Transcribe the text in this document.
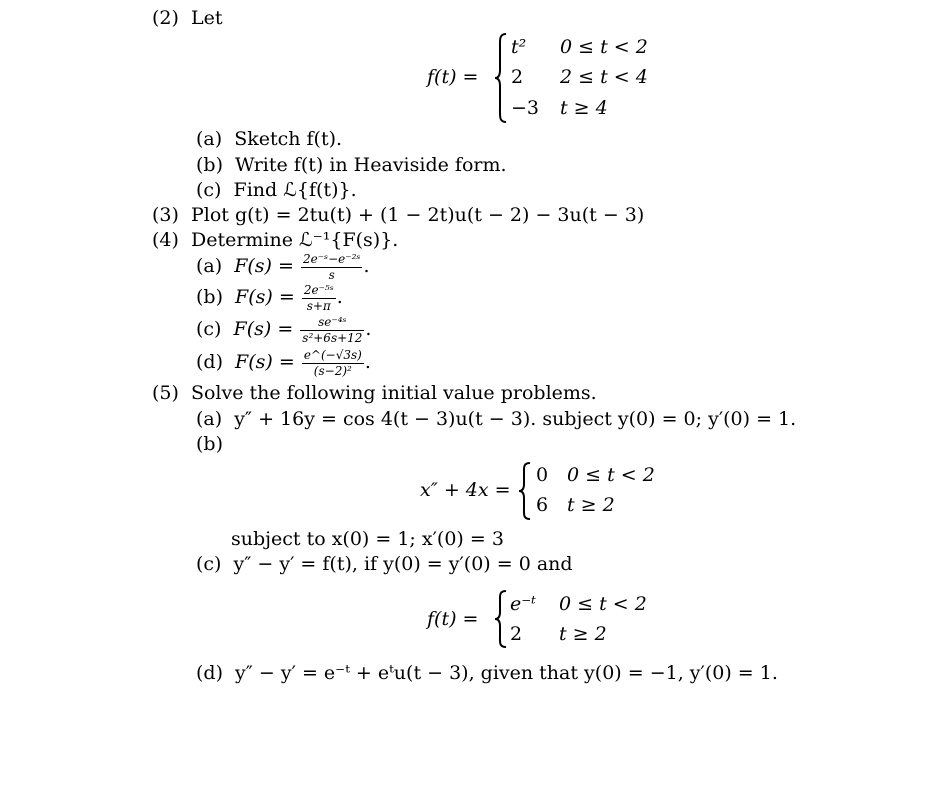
(2) Let
f(t) =
t² 0 ≤ t < 2
2 2 ≤ t < 4
−3 t ≥ 4
(a) Sketch f(t).
(b) Write f(t) in Heaviside form.
(c) Find ℒ{f(t)}.
(3) Plot g(t) = 2tu(t) + (1 − 2t)u(t − 2) − 3u(t − 3)
(4) Determine ℒ⁻¹{F(s)}.
(a) $F(s) = \frac{\text{2e⁻ˢ−e⁻²ˢ}}{s}$ .
(b) $F(s) = \frac{\text{2e⁻⁵ˢ}}{s+\pi}$ .
(c) $F(s) = \frac{\text{se⁻⁴ˢ}}{\text{s²+6s+12}}$ .
(d) $F(s) = \frac{e\^{}(-√3s)}{\text{(s−2)²}}$ .
(5) Solve the following initial value problems.
(a) y″ + 16y = cos 4(t − 3)u(t − 3). subject y(0) = 0; y′(0) = 1.
(b)
x″ + 4x =
0 0 ≤ t < 2
6 t ≥ 2
subject to x(0) = 1; x′(0) = 3
(c) y″ − y′ = f(t), if y(0) = y′(0) = 0 and
f(t) =
e⁻ᵗ 0 ≤ t < 2
2 t ≥ 2
(d) y″ − y′ = e⁻ᵗ + eᵗu(t − 3), given that y(0) = −1, y′(0) = 1.
